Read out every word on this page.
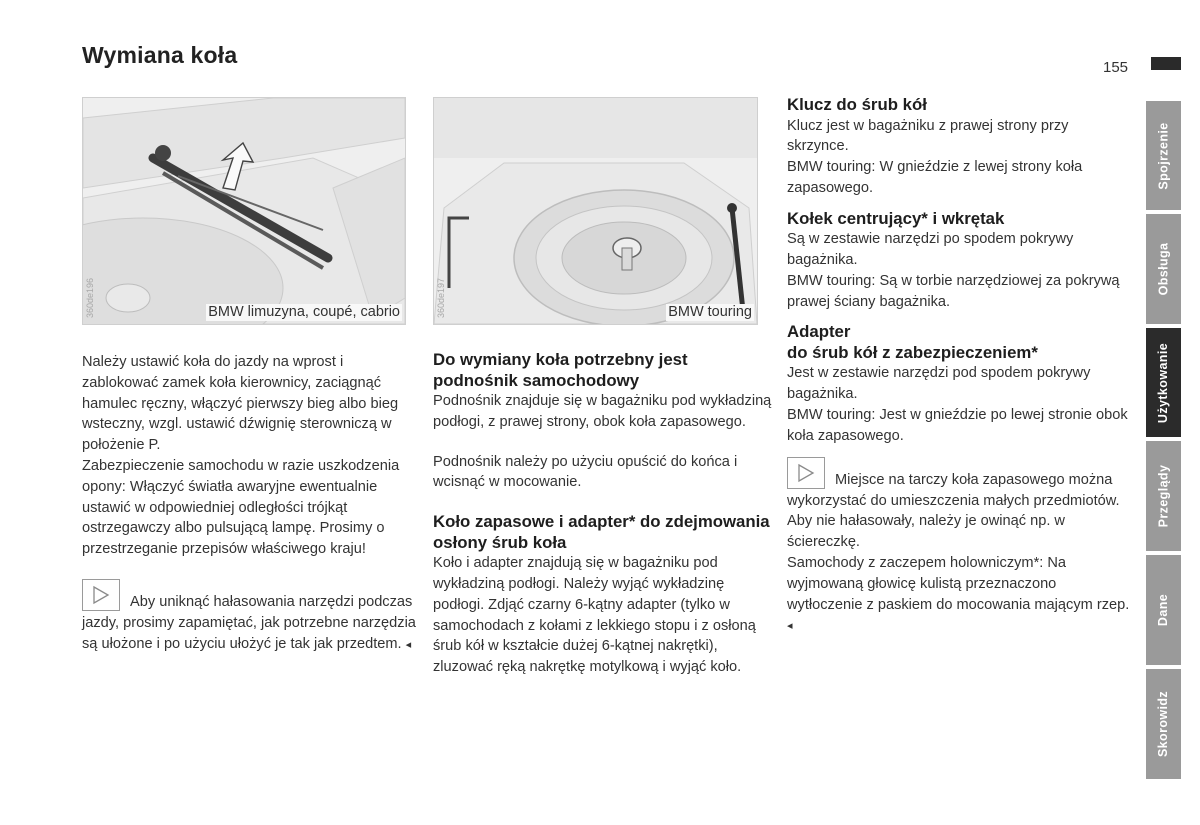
Wymiana koła	155
360de196	BMW limuzyna, coupé, cabrio	360de197	BMW touring

Należy ustawić koła do jazdy na wprost i zablokować zamek koła kierownicy, zaciągnąć hamulec ręczny, włączyć pierwszy bieg albo bieg wsteczny, wzgl. ustawić dźwignię sterowniczą w położenie P.

Zabezpieczenie samochodu w razie uszkodzenia opony: Włączyć światła awaryjne ewentualnie ustawić w odpowiedniej odległości trójkąt ostrzegawczy albo pulsującą lampę. Prosimy o przestrzeganie przepisów właściwego kraju!

Aby uniknąć hałasowania narzędzi podczas jazdy, prosimy zapamiętać, jak potrzebne narzędzia są ułożone i po użyciu ułożyć je tak jak przedtem. ◂

Do wymiany koła potrzebny jest podnośnik samochodowy

Podnośnik znajduje się w bagażniku pod wykładziną podłogi, z prawej strony, obok koła zapasowego.

Podnośnik należy po użyciu opuścić do końca i wcisnąć w mocowanie.

Koło zapasowe i adapter* do zdejmowania osłony śrub koła

Koło i adapter znajdują się w bagażniku pod wykładziną podłogi. Należy wyjąć wykładzinę podłogi. Zdjąć czarny 6-kątny adapter (tylko w samochodach z kołami z lekkiego stopu i z osłoną śrub kół w kształcie dużej 6-kątnej nakrętki), zluzować ręką nakrętkę motylkową i wyjąć koło.

Klucz do śrub kół

Klucz jest w bagażniku z prawej strony przy skrzynce.

BMW touring: W gnieździe z lewej strony koła zapasowego.

Kołek centrujący* i wkrętak

Są w zestawie narzędzi po spodem pokrywy bagażnika.

BMW touring: Są w torbie narzędziowej za pokrywą prawej ściany bagażnika.

Adapter
do śrub kół z zabezpieczeniem*

Jest w zestawie narzędzi pod spodem pokrywy bagażnika.

BMW touring: Jest w gnieździe po lewej stronie obok koła zapasowego.

Miejsce na tarczy koła zapasowego można wykorzystać do umieszczenia małych przedmiotów. Aby nie hałasowały, należy je owinąć np. w ściereczkę.

Samochody z zaczepem holowniczym*: Na wyjmowaną głowicę kulistą przeznaczono wytłoczenie z paskiem do mocowania mającym rzep. ◂

Spojrzenie
Obsługa
Użytkowanie
Przeglądy
Dane
Skorowidz
